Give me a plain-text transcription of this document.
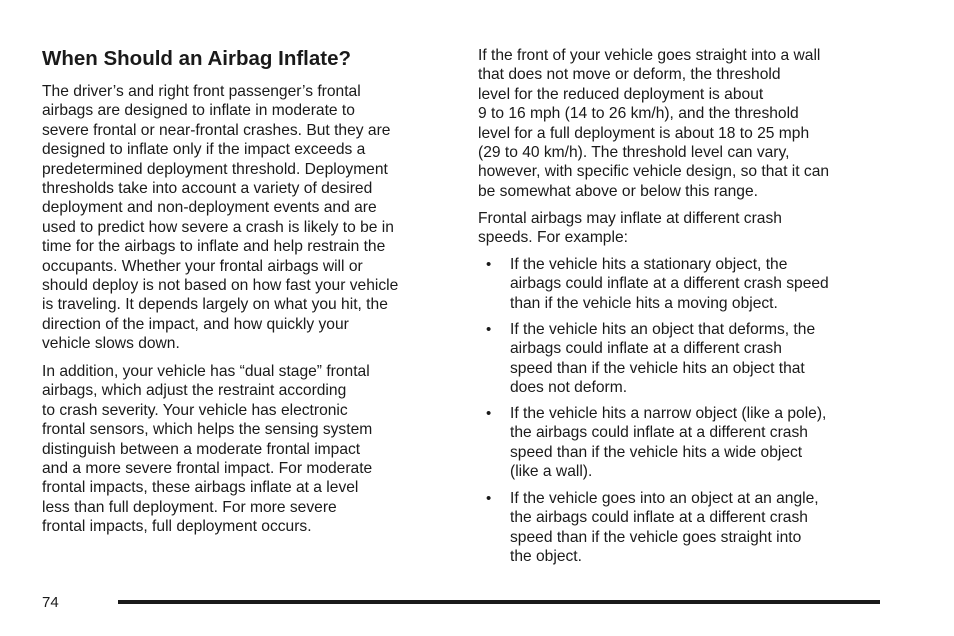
When Should an Airbag Inflate?
The driver’s and right front passenger’s frontal
airbags are designed to inflate in moderate to
severe frontal or near-frontal crashes. But they are
designed to inflate only if the impact exceeds a
predetermined deployment threshold. Deployment
thresholds take into account a variety of desired
deployment and non-deployment events and are
used to predict how severe a crash is likely to be in
time for the airbags to inflate and help restrain the
occupants. Whether your frontal airbags will or
should deploy is not based on how fast your vehicle
is traveling. It depends largely on what you hit, the
direction of the impact, and how quickly your
vehicle slows down.
In addition, your vehicle has “dual stage” frontal
airbags, which adjust the restraint according
to crash severity. Your vehicle has electronic
frontal sensors, which helps the sensing system
distinguish between a moderate frontal impact
and a more severe frontal impact. For moderate
frontal impacts, these airbags inflate at a level
less than full deployment. For more severe
frontal impacts, full deployment occurs.
If the front of your vehicle goes straight into a wall
that does not move or deform, the threshold
level for the reduced deployment is about
9 to 16 mph (14 to 26 km/h), and the threshold
level for a full deployment is about 18 to 25 mph
(29 to 40 km/h). The threshold level can vary,
however, with specific vehicle design, so that it can
be somewhat above or below this range.
Frontal airbags may inflate at different crash
speeds. For example:
• If the vehicle hits a stationary object, the
airbags could inflate at a different crash speed
than if the vehicle hits a moving object.
• If the vehicle hits an object that deforms, the
airbags could inflate at a different crash
speed than if the vehicle hits an object that
does not deform.
• If the vehicle hits a narrow object (like a pole),
the airbags could inflate at a different crash
speed than if the vehicle hits a wide object
(like a wall).
• If the vehicle goes into an object at an angle,
the airbags could inflate at a different crash
speed than if the vehicle goes straight into
the object.
74
